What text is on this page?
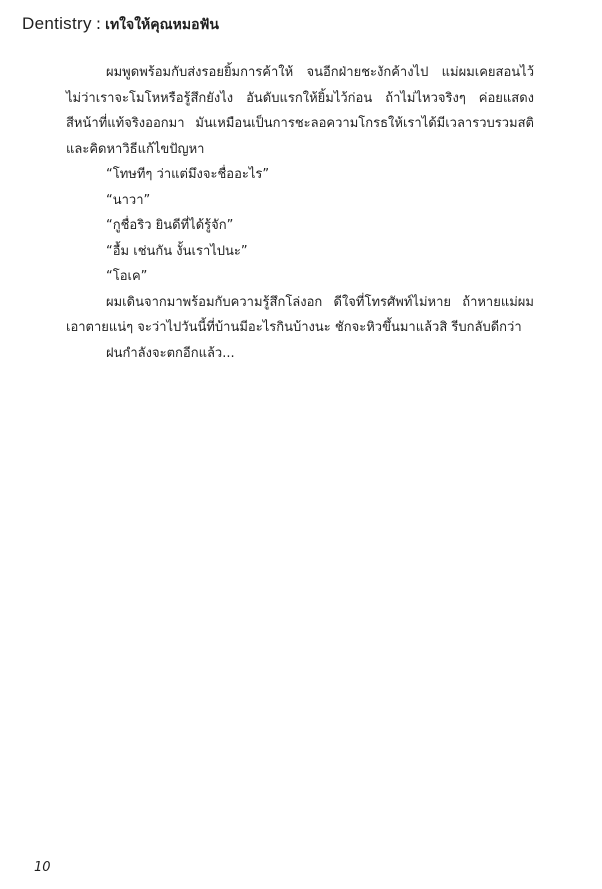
Dentistry : เทใจให้คุณหมอฟัน

ผมพูดพร้อมกับส่งรอยยิ้มการค้าให้ จนอีกฝ่ายชะงักค้างไป แม่ผมเคยสอนไว้ ไม่ว่าเราจะโมโหหรือรู้สึกยังไง อันดับแรกให้ยิ้มไว้ก่อน ถ้าไม่ไหวจริงๆ ค่อยแสดงสีหน้าที่แท้จริงออกมา มันเหมือนเป็นการชะลอความโกรธให้เราได้มีเวลารวบรวมสติและคิดหาวิธีแก้ไขปัญหา

“โทษทีๆ ว่าแต่มึงจะชื่ออะไร”

“นาวา”

“กูชื่อริว ยินดีที่ได้รู้จัก”

“อื้ม เช่นกัน งั้นเราไปนะ”

“โอเค”

ผมเดินจากมาพร้อมกับความรู้สึกโล่งอก ดีใจที่โทรศัพท์ไม่หาย ถ้าหายแม่ผมเอาตายแน่ๆ จะว่าไปวันนี้ที่บ้านมีอะไรกินบ้างนะ ชักจะหิวขึ้นมาแล้วสิ รีบกลับดีกว่า

ฝนกำลังจะตกอีกแล้ว...

10
